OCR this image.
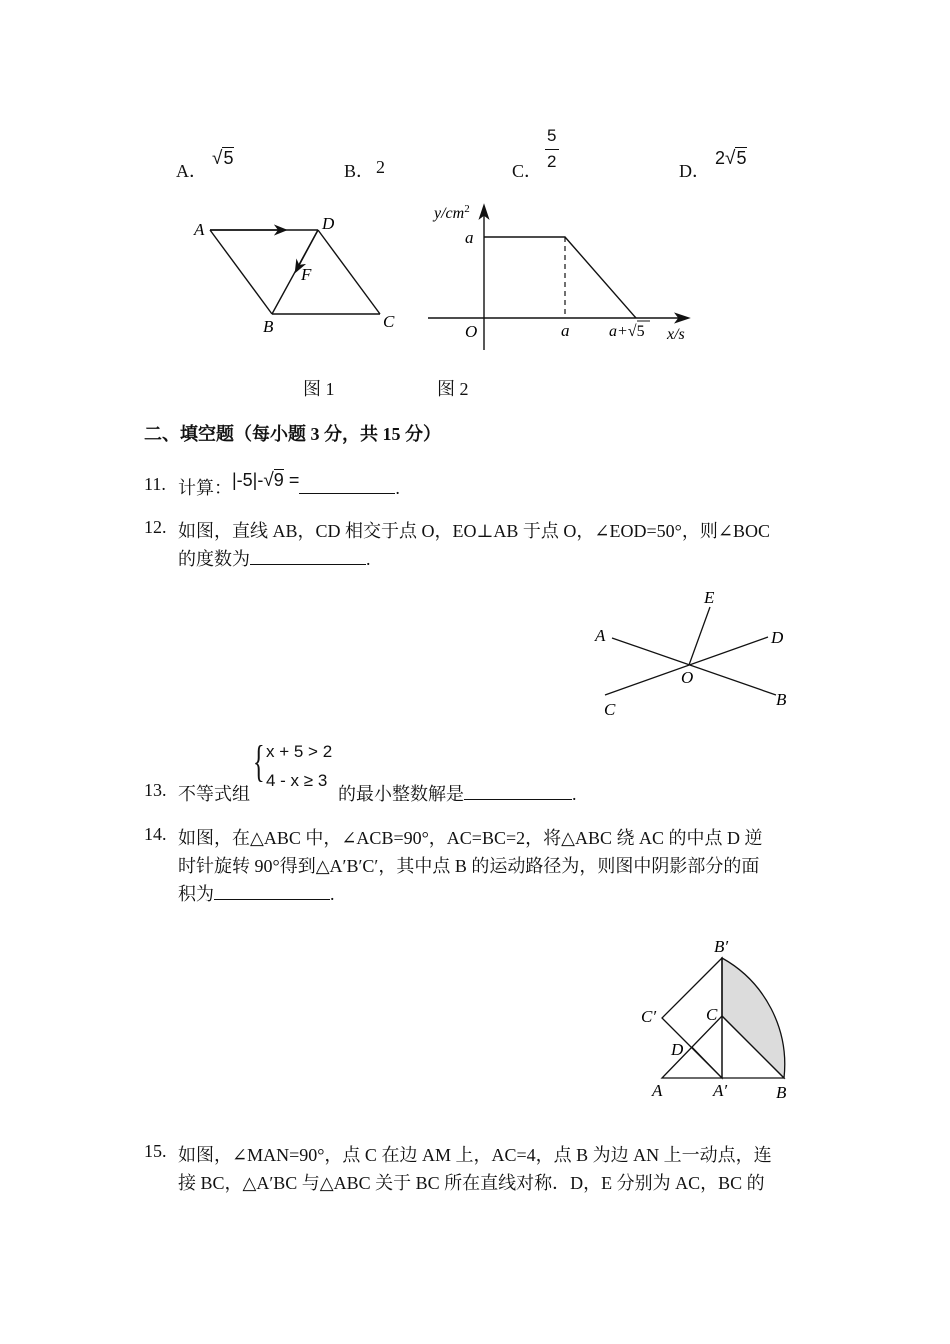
A．
√5
B． 2	C．
5
2	D．
2√5
A	D
F
B	C
$y/cm^2$
a
O	a a+√5 x/s
图 1	图 2
二、填空题（每小题 3 分，共 15 分）
11. 计算：|-5|-√9 =	.
12. 如图，直线 AB，CD 相交于点 O，EO⊥AB 于点 O，∠EOD=50°，则∠BOC
的度数为	.
E
A	D
O
C
B
13. 不等式组
{ x + 5 > 2
4 - x ≥ 3
的最小整数解是	.
14. 如图，在△ABC 中，∠ACB=90°，AC=BC=2，将△ABC 绕 AC 的中点 D 逆
时针旋转 90°得到△A′B′C′，其中点 B 的运动路径为，则图中阴影部分的面
积为	.
B′
C′	C
D
A	A′	B
15. 如图，∠MAN=90°，点 C 在边 AM 上，AC=4，点 B 为边 AN 上一动点，连
接 BC，△A′BC 与△ABC 关于 BC 所在直线对称．D，E 分别为 AC，BC 的
